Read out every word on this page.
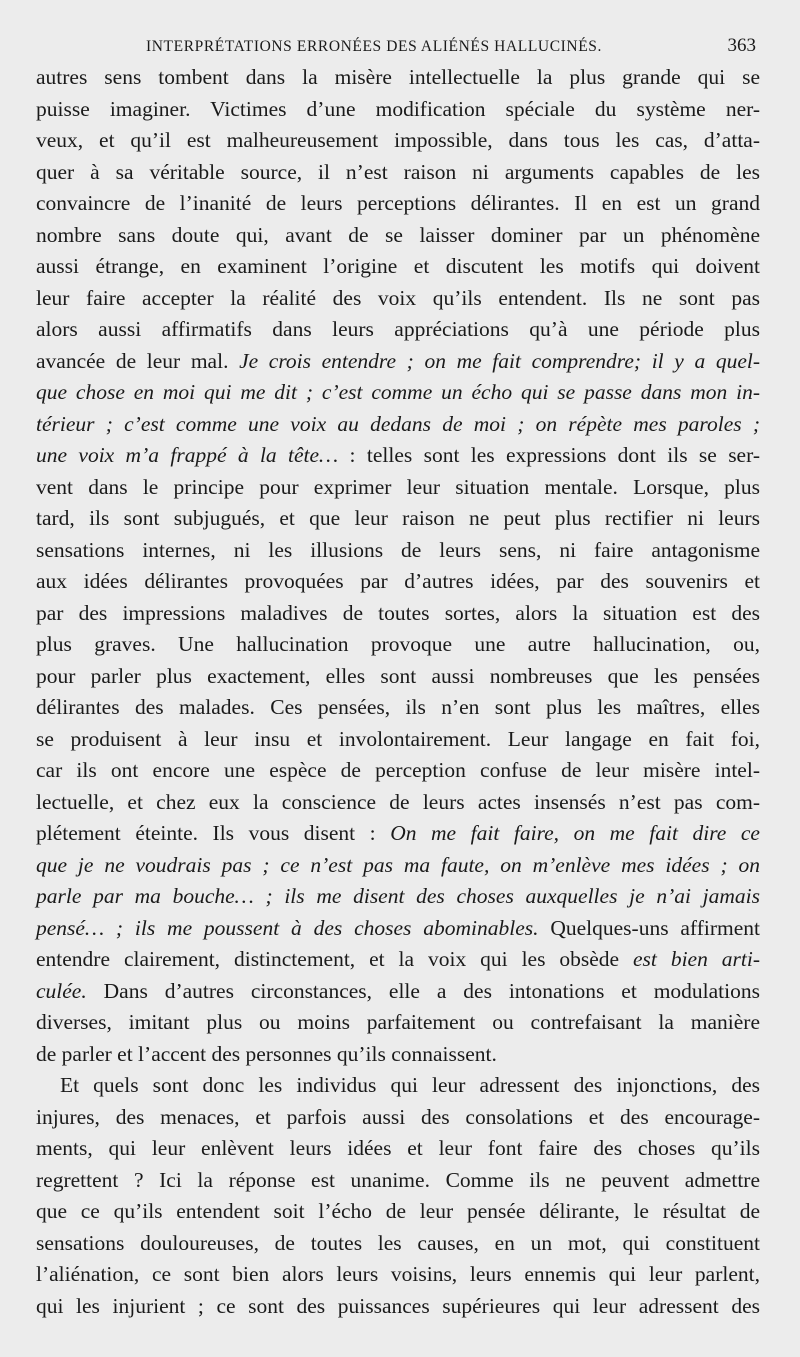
INTERPRÉTATIONS ERRONÉES DES ALIÉNÉS HALLUCINÉS.	363
autres sens tombent dans la misère intellectuelle la plus grande qui se
puisse imaginer. Victimes d’une modification spéciale du système ner-
veux, et qu’il est malheureusement impossible, dans tous les cas, d’atta-
quer à sa véritable source, il n’est raison ni arguments capables de les
convaincre de l’inanité de leurs perceptions délirantes. Il en est un grand
nombre sans doute qui, avant de se laisser dominer par un phénomène
aussi étrange, en examinent l’origine et discutent les motifs qui doivent
leur faire accepter la réalité des voix qu’ils entendent. Ils ne sont pas
alors aussi affirmatifs dans leurs appréciations qu’à une période plus
avancée de leur mal. Je crois entendre ; on me fait comprendre; il y a quel-
que chose en moi qui me dit ; c’est comme un écho qui se passe dans mon in-
térieur ; c’est comme une voix au dedans de moi ; on répète mes paroles ;
une voix m’a frappé à la tête… : telles sont les expressions dont ils se ser-
vent dans le principe pour exprimer leur situation mentale. Lorsque, plus
tard, ils sont subjugués, et que leur raison ne peut plus rectifier ni leurs
sensations internes, ni les illusions de leurs sens, ni faire antagonisme
aux idées délirantes provoquées par d’autres idées, par des souvenirs et
par des impressions maladives de toutes sortes, alors la situation est des
plus graves. Une hallucination provoque une autre hallucination, ou,
pour parler plus exactement, elles sont aussi nombreuses que les pensées
délirantes des malades. Ces pensées, ils n’en sont plus les maîtres, elles
se produisent à leur insu et involontairement. Leur langage en fait foi,
car ils ont encore une espèce de perception confuse de leur misère intel-
lectuelle, et chez eux la conscience de leurs actes insensés n’est pas com-
plétement éteinte. Ils vous disent : On me fait faire, on me fait dire ce
que je ne voudrais pas ; ce n’est pas ma faute, on m’enlève mes idées ; on
parle par ma bouche… ; ils me disent des choses auxquelles je n’ai jamais
pensé… ; ils me poussent à des choses abominables. Quelques-uns affirment
entendre clairement, distinctement, et la voix qui les obsède est bien arti-
culée. Dans d’autres circonstances, elle a des intonations et modulations
diverses, imitant plus ou moins parfaitement ou contrefaisant la manière
de parler et l’accent des personnes qu’ils connaissent.
Et quels sont donc les individus qui leur adressent des injonctions, des
injures, des menaces, et parfois aussi des consolations et des encourage-
ments, qui leur enlèvent leurs idées et leur font faire des choses qu’ils
regrettent ? Ici la réponse est unanime. Comme ils ne peuvent admettre
que ce qu’ils entendent soit l’écho de leur pensée délirante, le résultat de
sensations douloureuses, de toutes les causes, en un mot, qui constituent
l’aliénation, ce sont bien alors leurs voisins, leurs ennemis qui leur parlent,
qui les injurient ; ce sont des puissances supérieures qui leur adressent des
